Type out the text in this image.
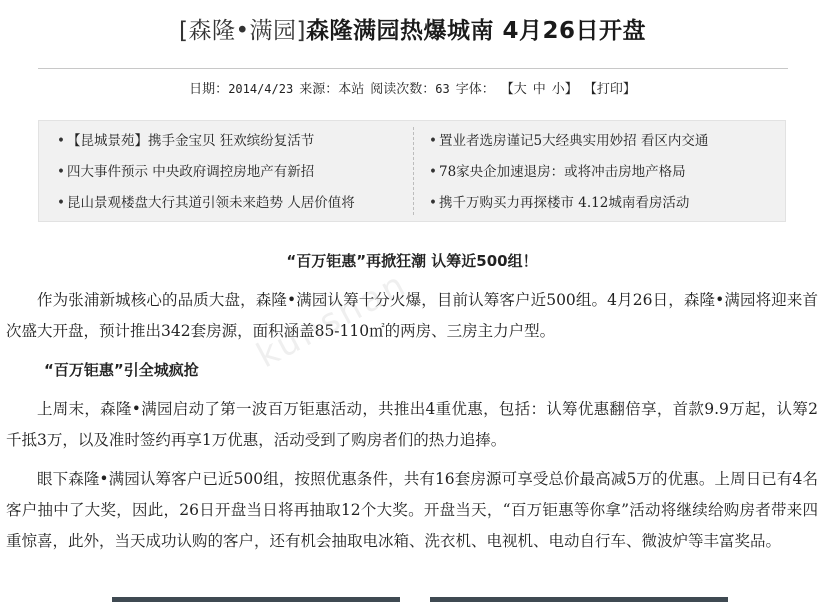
[森隆•满园]森隆满园热爆城南 4月26日开盘
日期：2014/4/23 来源：本站 阅读次数：63 字体： 【大 中 小】 【打印】
• 【昆城景苑】携手金宝贝 狂欢缤纷复活节
• 四大事件预示 中央政府调控房地产有新招
• 昆山景观楼盘大行其道引领未来趋势 人居价值将
• 置业者选房谨记5大经典实用妙招 看区内交通
• 78家央企加速退房：或将冲击房地产格局
• 携千万购买力再探楼市 4.12城南看房活动
kunshan
“百万钜惠”再掀狂潮 认筹近500组！

作为张浦新城核心的品质大盘，森隆•满园认筹十分火爆，目前认筹客户近500组。4月26日，森隆•满园将迎来首次盛大开盘，预计推出342套房源，面积涵盖85-110㎡的两房、三房主力户型。

“百万钜惠”引全城疯抢

上周末，森隆•满园启动了第一波百万钜惠活动，共推出4重优惠，包括：认筹优惠翻倍享，首款9.9万起，认筹2千抵3万，以及准时签约再享1万优惠，活动受到了购房者们的热力追捧。

眼下森隆•满园认筹客户已近500组，按照优惠条件，共有16套房源可享受总价最高减5万的优惠。上周日已有4名客户抽中了大奖，因此，26日开盘当日将再抽取12个大奖。开盘当天，“百万钜惠等你拿”活动将继续给购房者带来四重惊喜，此外，当天成功认购的客户，还有机会抽取电冰箱、洗衣机、电视机、电动自行车、微波炉等丰富奖品。
